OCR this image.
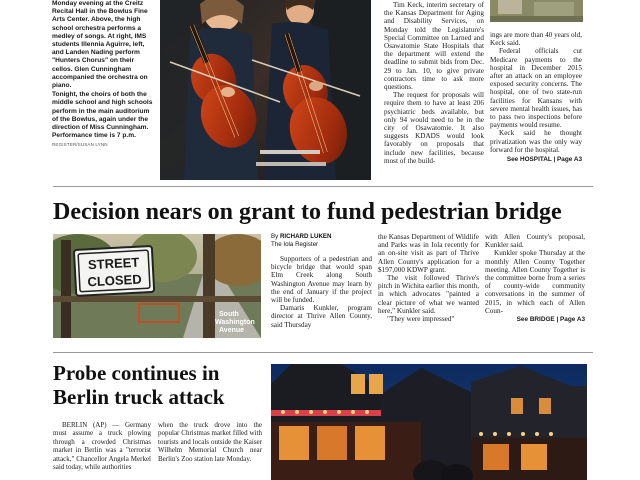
Monday evening at the Creitz Recital Hall in the Bowlus Fine Arts Center. Above, the high school orchestra performs a medley of songs. At right, IMS students Illennia Aguirre, left, and Landen Nading perform "Hunters Chorus" on their cellos. Glen Cunningham accompanied the orchestra on piano.

Tonight, the choirs of both the middle school and high schools perform in the main auditorium of the Bowlus, again under the direction of Miss Cunningham. Performance time is 7 p.m.

REGISTER/SUSAN LYNN

Tim Keck, interim secretary of the Kansas Department for Aging and Disability Services, on Monday told the Legislature's Special Committee on Larned and Osawatomie State Hospitals that the department will extend the deadline to submit bids from Dec. 29 to Jan. 10, to give private contractors time to ask more questions.

The request for proposals will require them to have at least 206 psychiatric beds available, but only 94 would need to be in the city of Osawatomie. It also suggests KDADS would look favorably on proposals that include new facilities, because most of the build-

ings are more than 40 years old, Keck said.

Federal officials cut Medicare payments to the hospital in December 2015 after an attack on an employee exposed security concerns. The hospital, one of two state-run facilities for Kansans with severe mental health issues, has to pass two inspections before payments would resume.

Keck said he thought privatization was the only way forward for the hospital.

See HOSPITAL | Page A3
Decision nears on grant to fund pedestrian bridge
STREET
CLOSED
South
Washington
Avenue
By RICHARD LUKEN
The Iola Register

Supporters of a pedestrian and bicycle bridge that would span Elm Creek along South Washington Avenue may learn by the end of January if the project will be funded.

Damaris Kunkler, program director at Thrive Allen County, said Thursday

the Kansas Department of Wildlife and Parks was in Iola recently for an on-site visit as part of Thrive Allen County's application for a $197,000 KDWP grant.

The visit followed Thrive's pitch in Wichita earlier this month, in which advocates "painted a clear picture of what we wanted here," Kunkler said.

"They were impressed"

with Allen County's proposal, Kunkler said.

Kunkler spoke Thursday at the monthly Allen County Together meeting. Allen County Together is the committee borne from a series of county-wide community conversations in the summer of 2015, in which each of Allen Coun-

See BRIDGE | Page A3
Probe continues in
Berlin truck attack

BERLIN (AP) — Germany must assume a truck plowing through a crowded Christmas market in Berlin was a "terrorist attack," Chancellor Angela Merkel said today, while authorities

when the truck drove into the popular Christmas market filled with tourists and locals outside the Kaiser Wilhelm Memorial Church near Berlin's Zoo station late Monday.
